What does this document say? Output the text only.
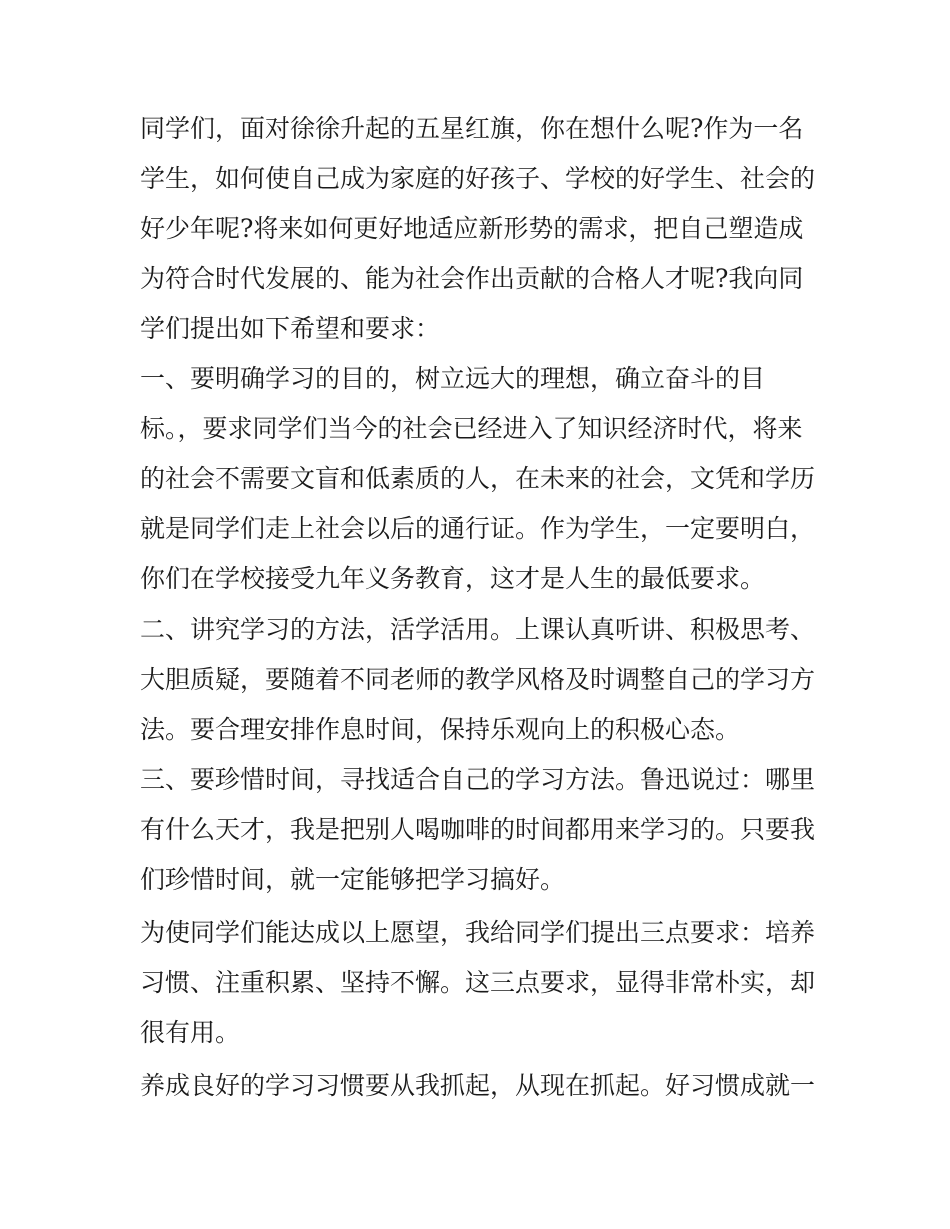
同学们，面对徐徐升起的五星红旗，你在想什么呢?作为一名
学生，如何使自己成为家庭的好孩子、学校的好学生、社会的
好少年呢?将来如何更好地适应新形势的需求，把自己塑造成
为符合时代发展的、能为社会作出贡献的合格人才呢?我向同
学们提出如下希望和要求：
一、要明确学习的目的，树立远大的理想，确立奋斗的目
标。，要求同学们当今的社会已经进入了知识经济时代，将来
的社会不需要文盲和低素质的人，在未来的社会，文凭和学历
就是同学们走上社会以后的通行证。作为学生，一定要明白，
你们在学校接受九年义务教育，这才是人生的最低要求。
二、讲究学习的方法，活学活用。上课认真听讲、积极思考、
大胆质疑，要随着不同老师的教学风格及时调整自己的学习方
法。要合理安排作息时间，保持乐观向上的积极心态。
三、要珍惜时间，寻找适合自己的学习方法。鲁迅说过：哪里
有什么天才，我是把别人喝咖啡的时间都用来学习的。只要我
们珍惜时间，就一定能够把学习搞好。
为使同学们能达成以上愿望，我给同学们提出三点要求：培养
习惯、注重积累、坚持不懈。这三点要求，显得非常朴实，却
很有用。
养成良好的学习习惯要从我抓起，从现在抓起。好习惯成就一
